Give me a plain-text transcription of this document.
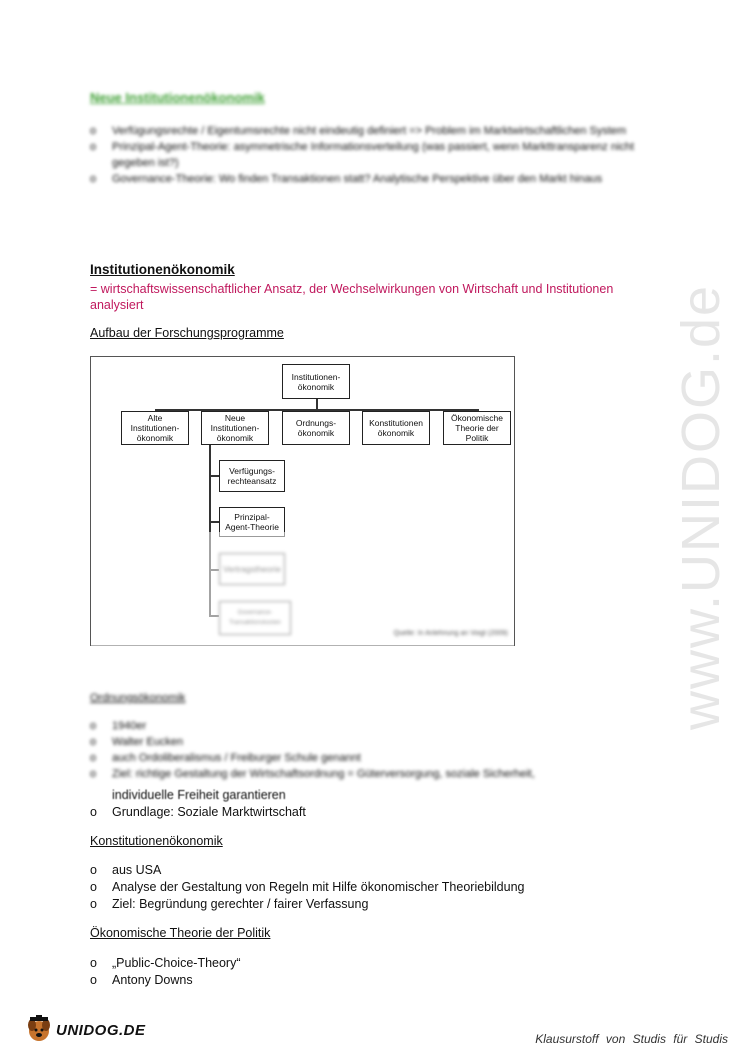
Neue Institutionenökonomik
o	Verfügungsrechte / Eigentumsrechte nicht eindeutig definiert => Problem im Marktwirtschaftlichen System
o	Prinzipal-Agent-Theorie: asymmetrische Informationsverteilung (was passiert, wenn Markttransparenz nicht gegeben ist?)
o	Governance-Theorie: Wo finden Transaktionen statt? Analytische Perspektive über den Markt hinaus
Institutionenökonomik
= wirtschaftswissenschaftlicher Ansatz, der Wechselwirkungen von Wirtschaft und Institutionen analysiert
Aufbau der Forschungsprogramme
Institutionen-
ökonomik
Alte
Institutionen-
ökonomik
Neue
Institutionen-
ökonomik
Ordnungs-
ökonomik
Konstitutionen
ökonomik
Ökonomische
Theorie der
Politik
Verfügungs-
rechteansatz
Prinzipal-
Agent-Theorie
Quelle: In Anlehnung an Voigt (2009)
Ordnungsökonomik
o	1940er
o	Walter Eucken
o	auch Ordoliberalismus / Freiburger Schule genannt
o	Ziel: richtige Gestaltung der Wirtschaftsordnung = Güterversorgung, soziale Sicherheit,
individuelle Freiheit garantieren
o	Grundlage: Soziale Marktwirtschaft
Konstitutionenökonomik
o	aus USA
o	Analyse der Gestaltung von Regeln mit Hilfe ökonomischer Theoriebildung
o	Ziel: Begründung gerechter / fairer Verfassung
Ökonomische Theorie der Politik
o	„Public-Choice-Theory“
o	Antony Downs
www.UNIDOG.de
UNIDOG.DE
Klausurstoff von Studis für Studis
